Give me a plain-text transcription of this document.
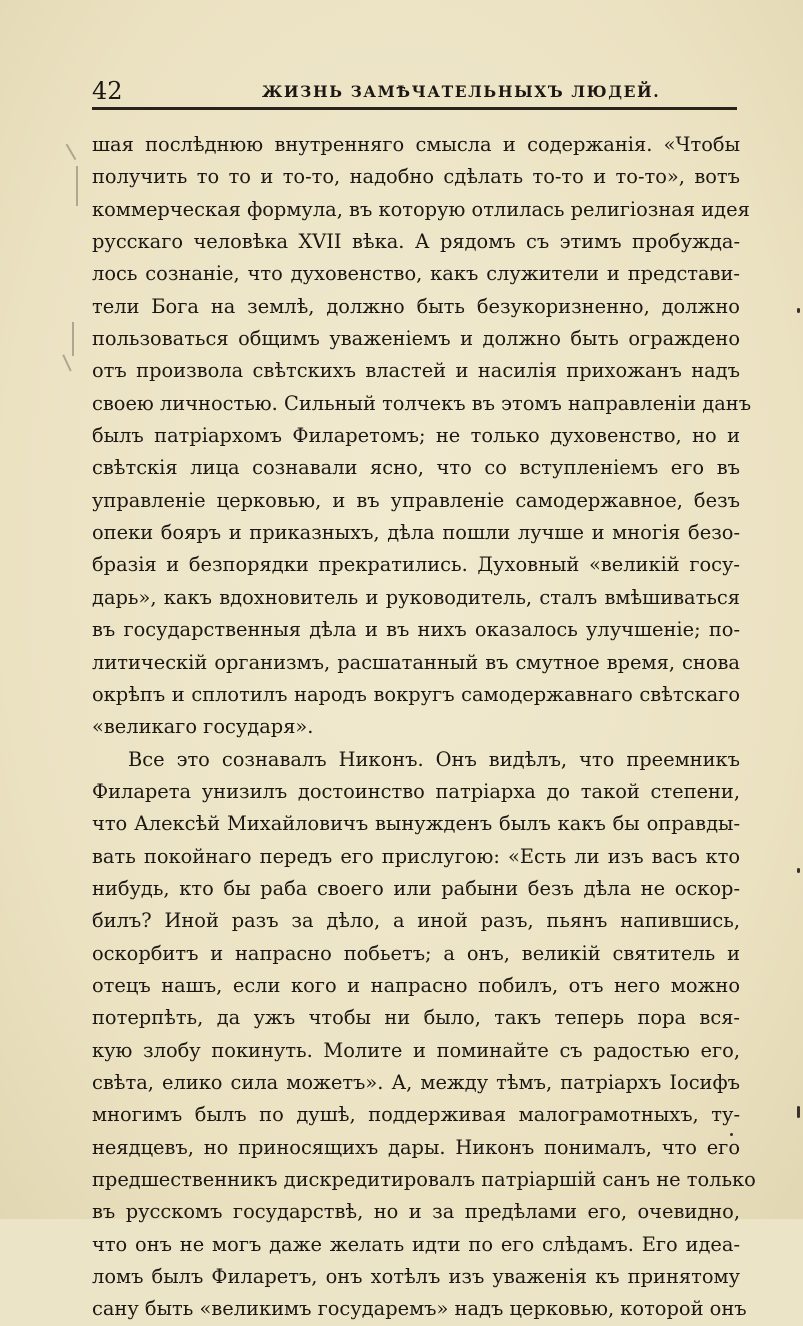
42	ЖИЗНЬ ЗАМѢЧАТЕЛЬНЫХЪ ЛЮДЕЙ.
шая послѣднюю внутренняго смысла и содержанія. «Чтобы
получить то то и то-то, надобно сдѣлать то-то и то-то», вотъ
коммерческая формула, въ которую отлилась религіозная идея
русскаго человѣка XVII вѣка. А рядомъ съ этимъ пробужда-
лось сознаніе, что духовенство, какъ служители и представи-
тели Бога на землѣ, должно быть безукоризненно, должно
пользоваться общимъ уваженіемъ и должно быть ограждено
отъ произвола свѣтскихъ властей и насилія прихожанъ надъ
своею личностью. Сильный толчекъ въ этомъ направленіи данъ
былъ патріархомъ Филаретомъ; не только духовенство, но и
свѣтскія лица сознавали ясно, что со вступленіемъ его въ
управленіе церковью, и въ управленіе самодержавное, безъ
опеки бояръ и приказныхъ, дѣла пошли лучше и многія безо-
бразія и безпорядки прекратились. Духовный «великій госу-
дарь», какъ вдохновитель и руководитель, сталъ вмѣшиваться
въ государственныя дѣла и въ нихъ оказалось улучшеніе; по-
литическій организмъ, расшатанный въ смутное время, снова
окрѣпъ и сплотилъ народъ вокругъ самодержавнаго свѣтскаго
«великаго государя».
Все это сознавалъ Никонъ. Онъ видѣлъ, что преемникъ
Филарета унизилъ достоинство патріарха до такой степени,
что Алексѣй Михайловичъ вынужденъ былъ какъ бы оправды-
вать покойнаго передъ его прислугою: «Есть ли изъ васъ кто
нибудь, кто бы раба своего или рабыни безъ дѣла не оскор-
билъ? Иной разъ за дѣло, а иной разъ, пьянъ напившись,
оскорбитъ и напрасно побьетъ; а онъ, великій святитель и
отецъ нашъ, если кого и напрасно побилъ, отъ него можно
потерпѣть, да ужъ чтобы ни было, такъ теперь пора вся-
кую злобу покинуть. Молите и поминайте съ радостью его,
свѣта, елико сила можетъ». А, между тѣмъ, патріархъ Іосифъ
многимъ былъ по душѣ, поддерживая малограмотныхъ, ту-
неядцевъ, но приносящихъ дары. Никонъ понималъ, что его
предшественникъ дискредитировалъ патріаршій санъ не только
въ русскомъ государствѣ, но и за предѣлами его, очевидно,
что онъ не могъ даже желать идти по его слѣдамъ. Его идеа-
ломъ былъ Филаретъ, онъ хотѣлъ изъ уваженія къ принятому
сану быть «великимъ государемъ» надъ церковью, которой онъ
